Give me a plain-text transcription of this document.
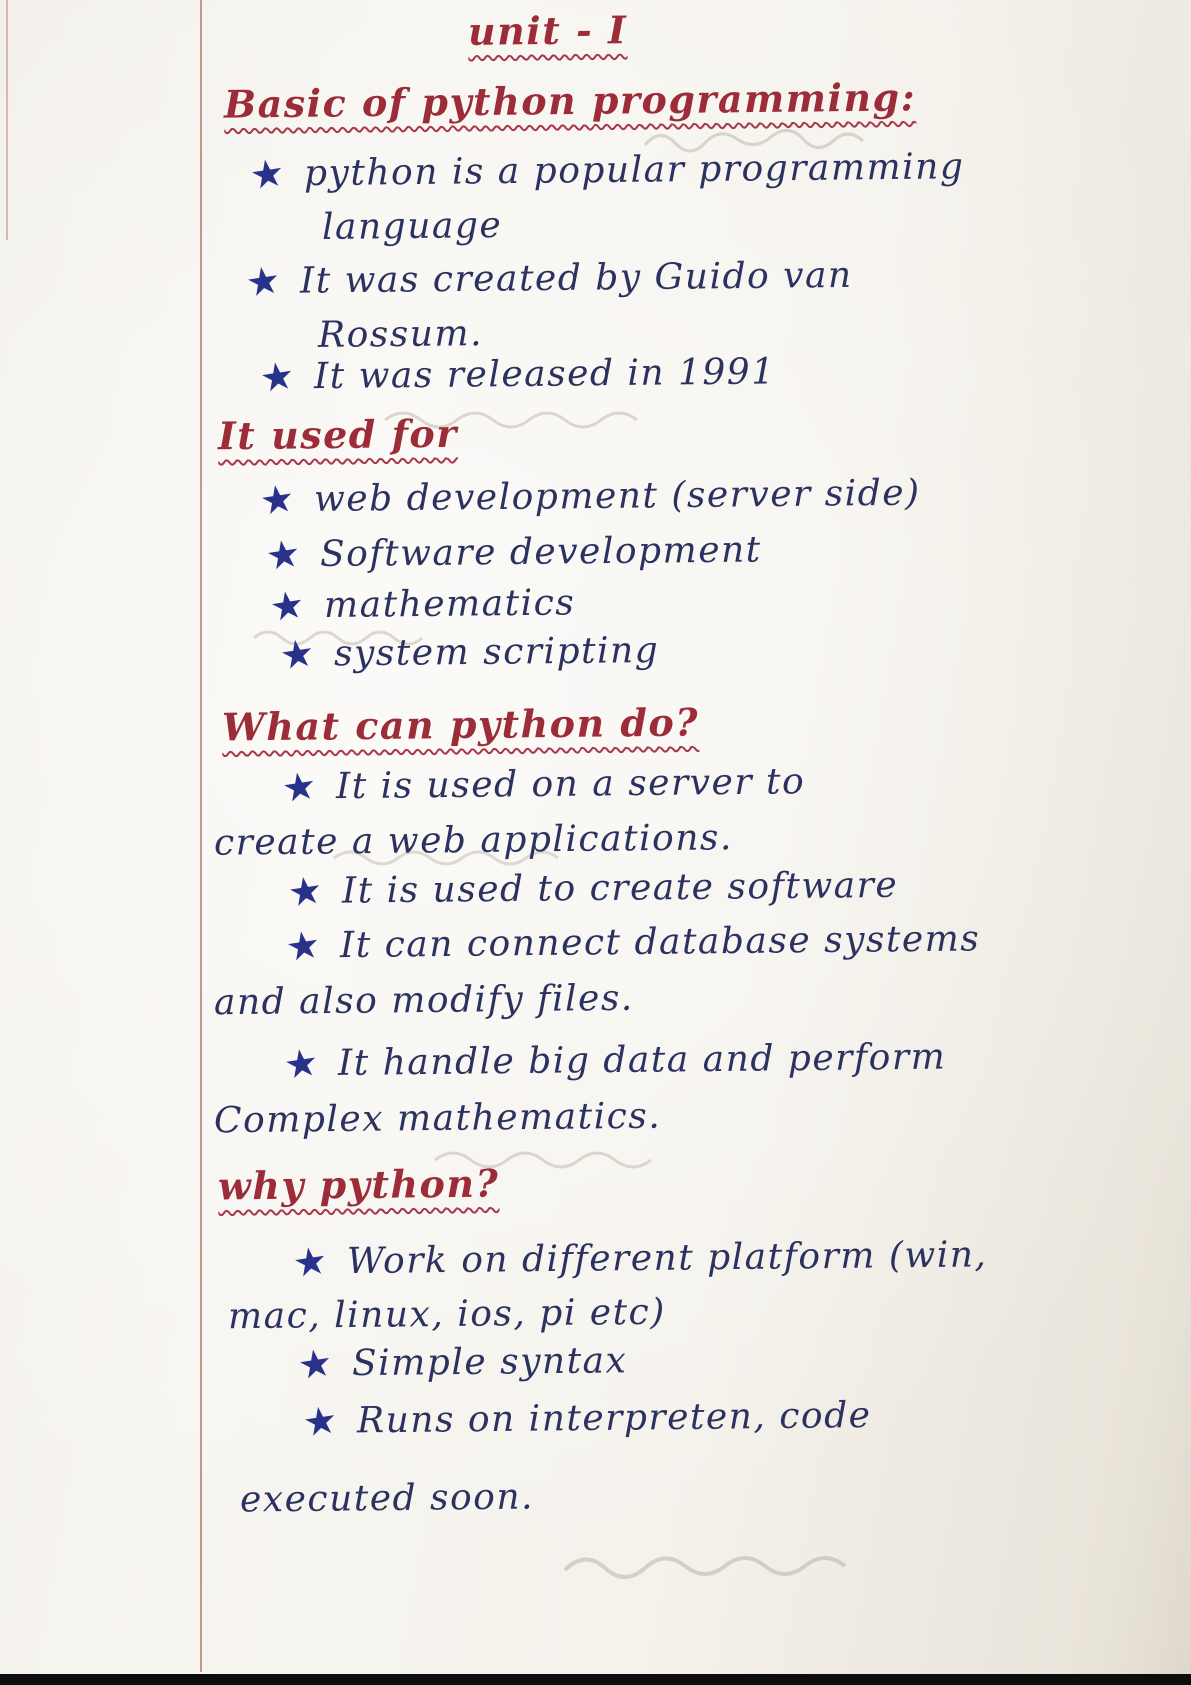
unit - I
Basic of python programming:
★ python is a popular programming
language
★ It was created by Guido van
Rossum.
★ It was released in 1991
It used for
★ web development (server side)
★ Software development
★ mathematics
★ system scripting
What can python do?
★ It is used on a server to
create a web applications.
★ It is used to create software
★ It can connect database systems
and also modify files.
★ It handle big data and perform
Complex mathematics.
why python?
★ Work on different platform (win,
mac, linux, ios, pi etc)
★ Simple syntax
★ Runs on interpreten, code
executed soon.
